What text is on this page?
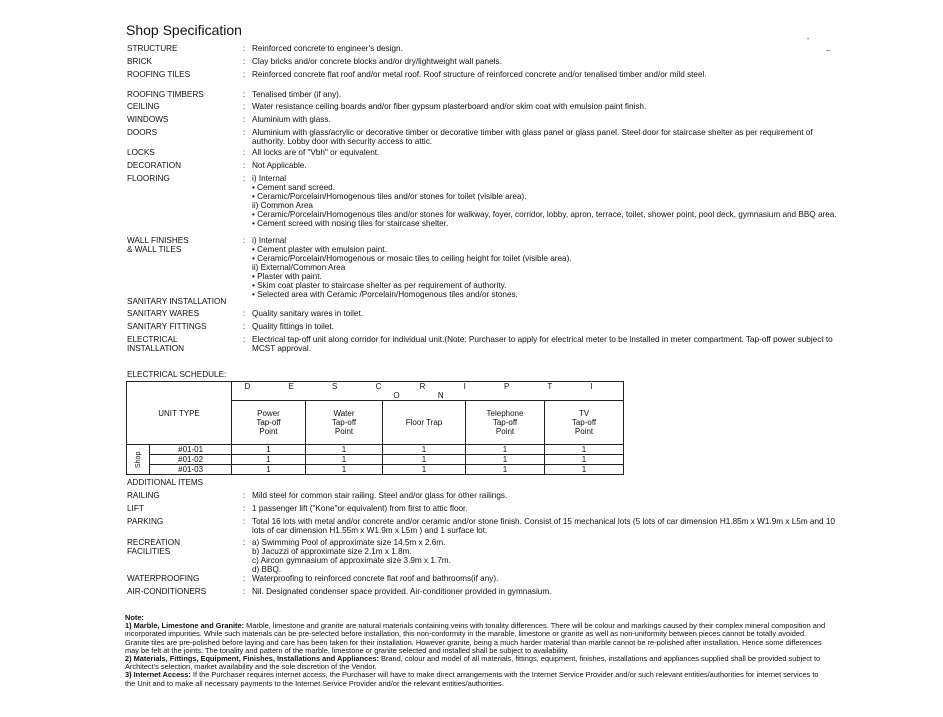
Shop Specification
-
--
STRUCTURE	: Reinforced concrete to engineer's design.
BRICK	: Clay bricks and/or concrete blocks and/or dry/lightweight wall panels.
ROOFING TILES	: Reinforced concrete flat roof and/or metal roof. Roof structure of reinforced concrete and/or tenalised timber and/or mild steel.
ROOFING TIMBERS	: Tenalised timber (if any).
CEILING	: Water resistance ceiling boards and/or fiber gypsum plasterboard and/or skim coat with emulsion paint finish.
WINDOWS	: Aluminium with glass.
DOORS	: Aluminium with glass/acrylic or decorative timber or decorative timber with glass panel or glass panel. Steel door for staircase shelter as per requirement of authority. Lobby door with security access to attic.
LOCKS	: All locks are of "Vbh" or equivalent.
DECORATION	: Not Applicable.
FLOORING	: i) Internal
• Cement sand screed.
• Ceramic/Porcelain/Homogenous tiles and/or stones for toilet (visible area).
ii) Common Area
• Ceramic/Porcelain/Homogenous tiles and/or stones for walkway, foyer, corridor, lobby, apron, terrace, toilet, shower point, pool deck, gymnasium and BBQ area.
• Cement screed with nosing tiles for staircase shelter.
WALL FINISHES
& WALL TILES
: i) Internal
• Cement plaster with emulsion paint.
• Ceramic/Porcelain/Homogenous or mosaic tiles to ceiling height for toilet (visible area).
ii) External/Common Area
• Plaster with paint.
• Skim coat plaster to staircase shelter as per requirement of authority.
• Selected area with Ceramic /Porcelain/Homogenous tiles and/or stones.
SANITARY INSTALLATION
SANITARY WARES	: Quality sanitary wares in toilet.
SANITARY FITTINGS	: Quality fittings in toilet.
ELECTRICAL
INSTALLATION
: Electrical tap-off unit along corridor for individual unit.(Note: Purchaser to apply for electrical meter to be installed in meter compartment. Tap-off power subject to MCST approval.
ELECTRICAL SCHEDULE:
UNIT TYPE		D E S C R I P T I O N				
		Power
Tap-off
Point	Water
Tap-off
Point	Floor Trap	Telephone
Tap-off
Point	TV
Tap-off
Point
Shop	#01-01	1	1	1	1	1
	#01-02	1	1	1	1	1
	#01-03	1	1	1	1	1
ADDITIONAL ITEMS
RAILING	: Mild steel for common stair railing. Steel and/or glass for other railings.
LIFT	: 1 passenger lift ("Kone"or equivalent) from first to attic floor.
PARKING	: Total 16 lots with metal and/or concrete and/or ceramic and/or stone finish. Consist of 15 mechanical lots (5 lots of car dimension H1.85m x W1.9m x L5m and 10 lots of car dimension H1.55m x W1.9m x L5m ) and 1 surface lot.
RECREATION
FACILITIES
: a) Swimming Pool of approximate size 14.5m x 2.6m.
b) Jacuzzi of approximate size 2.1m x 1.8m.
c) Aircon gymnasium of approximate size 3.9m x 1.7m.
d) BBQ.
WATERPROOFING	: Waterproofing to reinforced concrete flat roof and bathrooms(if any).
AIR-CONDITIONERS	: Nil. Designated condenser space provided. Air-conditioner provided in gymnasium.
Note:
1) Marble, Limestone and Granite: Marble, limestone and granite are natural materials containing veins with tonality differences. There will be colour and markings caused by their complex mineral composition and incorporated impurities. While such materials can be pre-selected before installation, this non-conformity in the marable, limestone or granite as well as non-uniformity between pieces cannot be totally avoided. Granite tiles are pre-polished before laying and care has been taken for their installation. However granite, being a much harder material than marble cannot be re-polished after installation. Hence some differences may be felt at the joints. The tonality and pattern of the marble, limestone or granite selected and installed shall be subject to availability.
2) Materials, Fittings, Equipment, Finishes, Installations and Appliances: Brand, colour and model of all materials, fittings, equipment, finishes, installations and appliances supplied shall be provided subject to Architect's selection, market availability and the sole discretion of the Vendor.
3) Internet Access: If the Purchaser requires internet access, the Purchaser will have to make direct arrangements with the Internet Service Provider and/or such relevant entities/authorities for internet services to the Unit and to make all necessary payments to the Internet Service Provider and/or the relevant entities/authorities.
